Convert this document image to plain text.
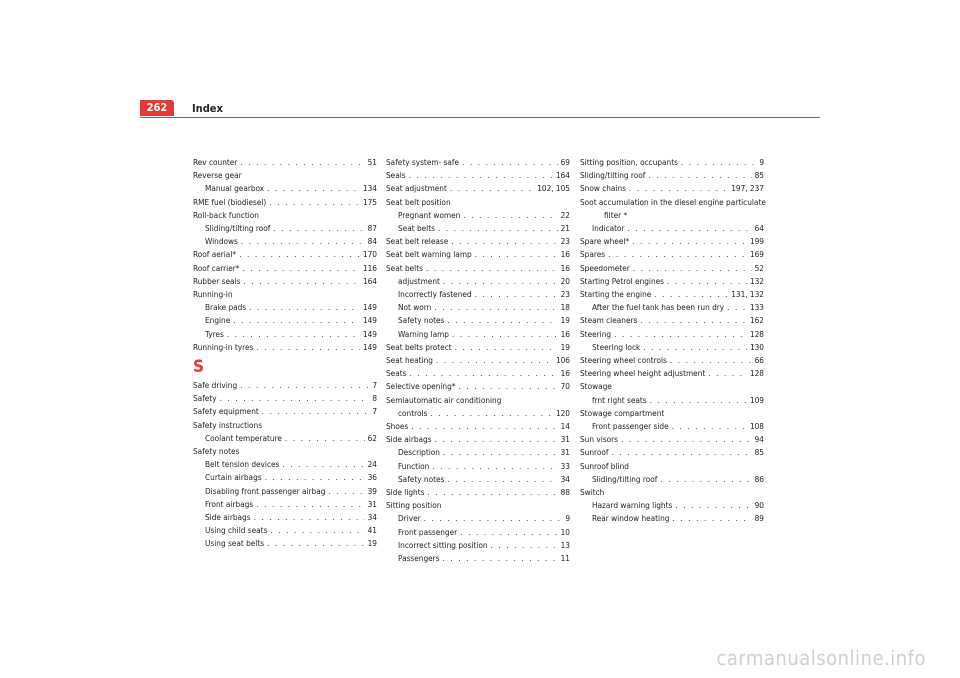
262	Index
Rev counter . . .	51
Reverse gear
Manual gearbox . . .	134
RME fuel (biodiesel) . . .	175
Roll-back function
Sliding/tilting roof . . .	87
Windows . . .	84
Roof aerial* . . .	170
Roof carrier* . . .	116
Rubber seals . . .	164
Running-in
Brake pads . . .	149
Engine . . .	149
Tyres . . .	149
Running-in tyres . . .	149
S
Safe driving . . .	7
Safety . . .	8
Safety equipment . . .	7
Safety instructions
Coolant temperature . . .	62
Safety notes
Belt tension devices . . .	24
Curtain airbags . . .	36
Disabling front passenger airbag . . .	39
Front airbags . . .	31
Side airbags . . .	34
Using child seats . . .	41
Using seat belts . . .	19
Safety system- safe . . .	69
Seals . . .	164
Seat adjustment . . .	102, 105
Seat belt position
Pregnant women . . .	22
Seat belts . . .	21
Seat belt release . . .	23
Seat belt warning lamp . . .	16
Seat belts . . .	16
adjustment . . .	20
Incorrectly fastened . . .	23
Not worn . . .	18
Safety notes . . .	19
Warning lamp . . .	16
Seat belts protect . . .	19
Seat heating . . .	106
Seats . . .	16
Selective opening* . . .	70
Semiautomatic air conditioning
controls . . .	120
Shoes . . .	14
Side airbags . . .	31
Description . . .	31
Function . . .	33
Safety notes . . .	34
Side lights . . .	88
Sitting position
Driver . . .	9
Front passenger . . .	10
Incorrect sitting position . . .	13
Passengers . . .	11
Sitting position, occupants . . .	9
Sliding/tilting roof . . .	85
Snow chains . . .	197, 237
Soot accumulation in the diesel engine particulate
filter *
Indicator . . .	64
Spare wheel* . . .	199
Spares . . .	169
Speedometer . . .	52
Starting Petrol engines . . .	132
Starting the engine . . .	131, 132
After the fuel tank has been run dry . . .	133
Steam cleaners . . .	162
Steering . . .	128
Steering lock . . .	130
Steering wheel controls . . .	66
Steering wheel height adjustment . . .	128
Stowage
frnt right seats . . .	109
Stowage compartment
Front passenger side . . .	108
Sun visors . . .	94
Sunroof . . .	85
Sunroof blind
Sliding/tilting roof . . .	86
Switch
Hazard warning lights . . .	90
Rear window heating . . .	89
carmanualsonline.info
